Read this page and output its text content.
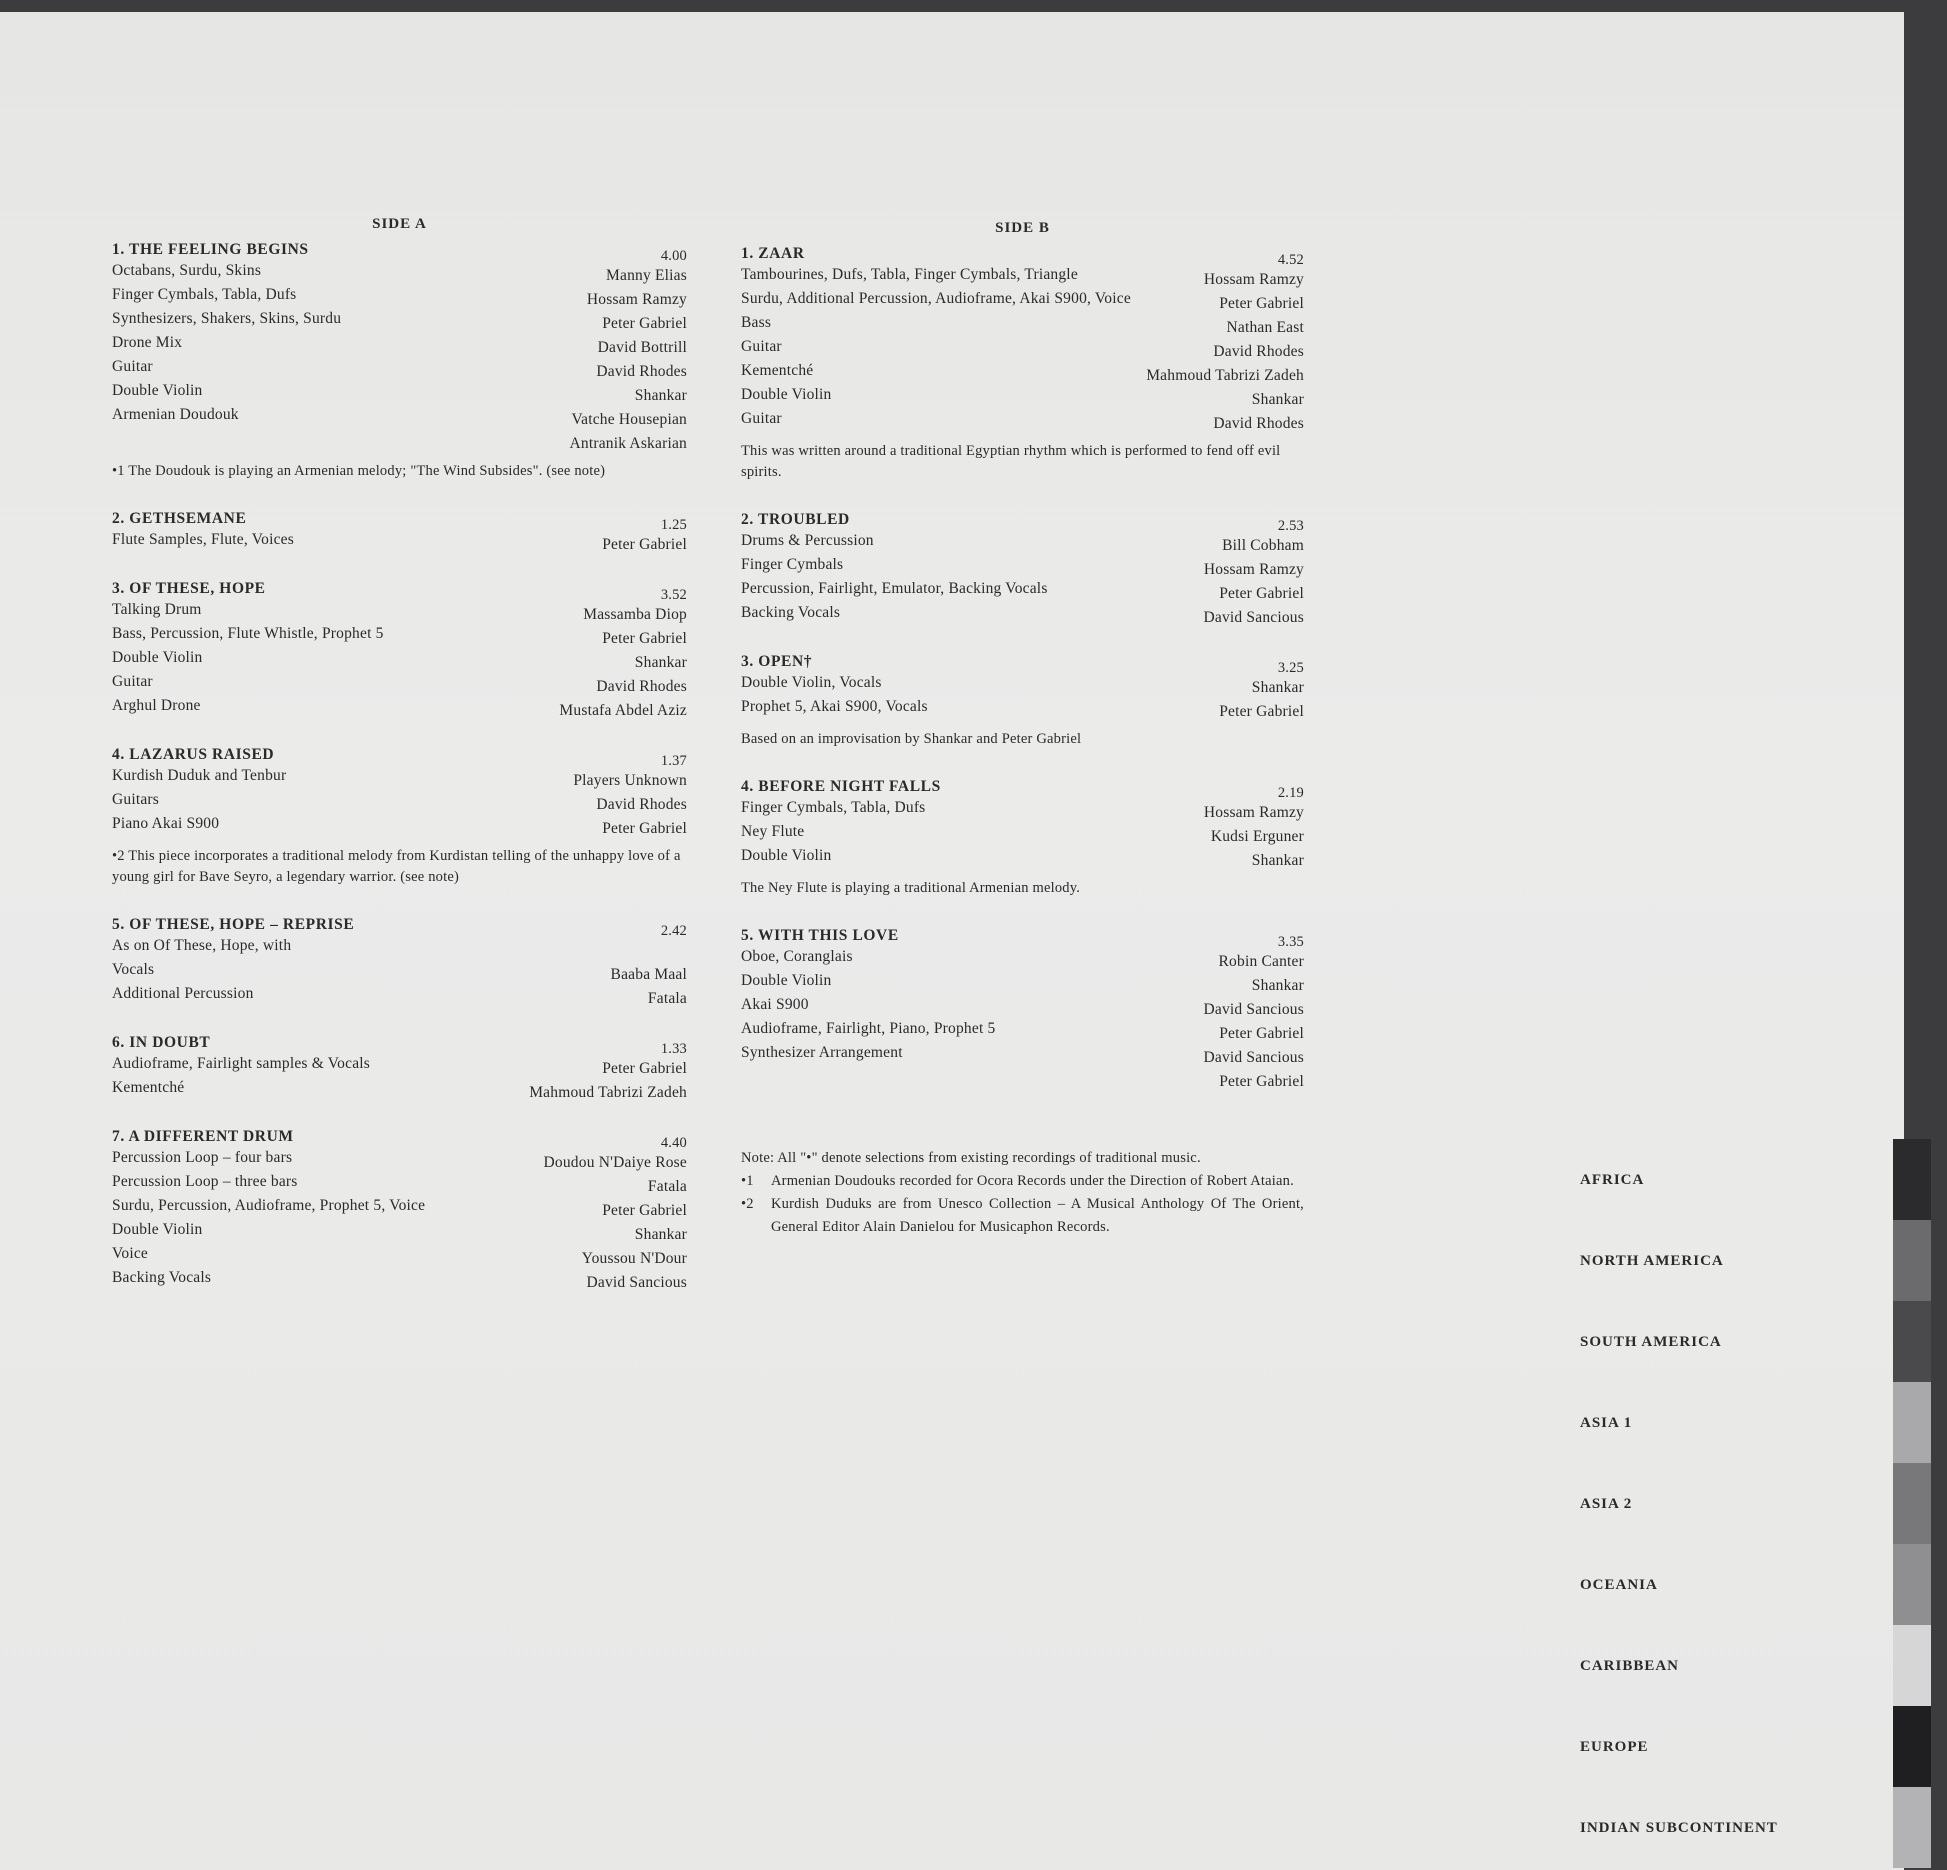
SIDE A
1. THE FEELING BEGINS	4.00
Octabans, Surdu, Skins	Manny Elias
Finger Cymbals, Tabla, Dufs	Hossam Ramzy
Synthesizers, Shakers, Skins, Surdu	Peter Gabriel
Drone Mix	David Bottrill
Guitar	David Rhodes
Double Violin	Shankar
Armenian Doudouk	Vatche Housepian
Antranik Askarian
•1 The Doudouk is playing an Armenian melody; "The Wind Subsides". (see note)
2. GETHSEMANE	1.25
Flute Samples, Flute, Voices	Peter Gabriel
3. OF THESE, HOPE	3.52
Talking Drum	Massamba Diop
Bass, Percussion, Flute Whistle, Prophet 5	Peter Gabriel
Double Violin	Shankar
Guitar	David Rhodes
Arghul Drone	Mustafa Abdel Aziz
4. LAZARUS RAISED	1.37
Kurdish Duduk and Tenbur	Players Unknown
Guitars	David Rhodes
Piano Akai S900	Peter Gabriel
•2 This piece incorporates a traditional melody from Kurdistan telling of the unhappy love of a young girl for Bave Seyro, a legendary warrior. (see note)
5. OF THESE, HOPE – REPRISE	2.42
As on Of These, Hope, with
Vocals	Baaba Maal
Additional Percussion	Fatala
6. IN DOUBT	1.33
Audioframe, Fairlight samples & Vocals	Peter Gabriel
Kementché	Mahmoud Tabrizi Zadeh
7. A DIFFERENT DRUM	4.40
Percussion Loop – four bars	Doudou N'Daiye Rose
Percussion Loop – three bars	Fatala
Surdu, Percussion, Audioframe, Prophet 5, Voice	Peter Gabriel
Double Violin	Shankar
Voice	Youssou N'Dour
Backing Vocals	David Sancious
SIDE B
1. ZAAR	4.52
Tambourines, Dufs, Tabla, Finger Cymbals, Triangle	Hossam Ramzy
Surdu, Additional Percussion, Audioframe, Akai S900, Voice	Peter Gabriel
Bass	Nathan East
Guitar	David Rhodes
Kementché	Mahmoud Tabrizi Zadeh
Double Violin	Shankar
Guitar	David Rhodes
This was written around a traditional Egyptian rhythm which is performed to fend off evil spirits.
2. TROUBLED	2.53
Drums & Percussion	Bill Cobham
Finger Cymbals	Hossam Ramzy
Percussion, Fairlight, Emulator, Backing Vocals	Peter Gabriel
Backing Vocals	David Sancious
3. OPEN†	3.25
Double Violin, Vocals	Shankar
Prophet 5, Akai S900, Vocals	Peter Gabriel
Based on an improvisation by Shankar and Peter Gabriel
4. BEFORE NIGHT FALLS	2.19
Finger Cymbals, Tabla, Dufs	Hossam Ramzy
Ney Flute	Kudsi Erguner
Double Violin	Shankar
The Ney Flute is playing a traditional Armenian melody.
5. WITH THIS LOVE	3.35
Oboe, Coranglais	Robin Canter
Double Violin	Shankar
Akai S900	David Sancious
Audioframe, Fairlight, Piano, Prophet 5	Peter Gabriel
Synthesizer Arrangement	David Sancious
Peter Gabriel
Note: All "•" denote selections from existing recordings of traditional music.
•1	Armenian Doudouks recorded for Ocora Records under the Direction of Robert Ataian.
•2	Kurdish Duduks are from Unesco Collection – A Musical Anthology Of The Orient, General Editor Alain Danielou for Musicaphon Records.
AFRICA
NORTH AMERICA
SOUTH AMERICA
ASIA 1
ASIA 2
OCEANIA
CARIBBEAN
EUROPE
INDIAN SUBCONTINENT
